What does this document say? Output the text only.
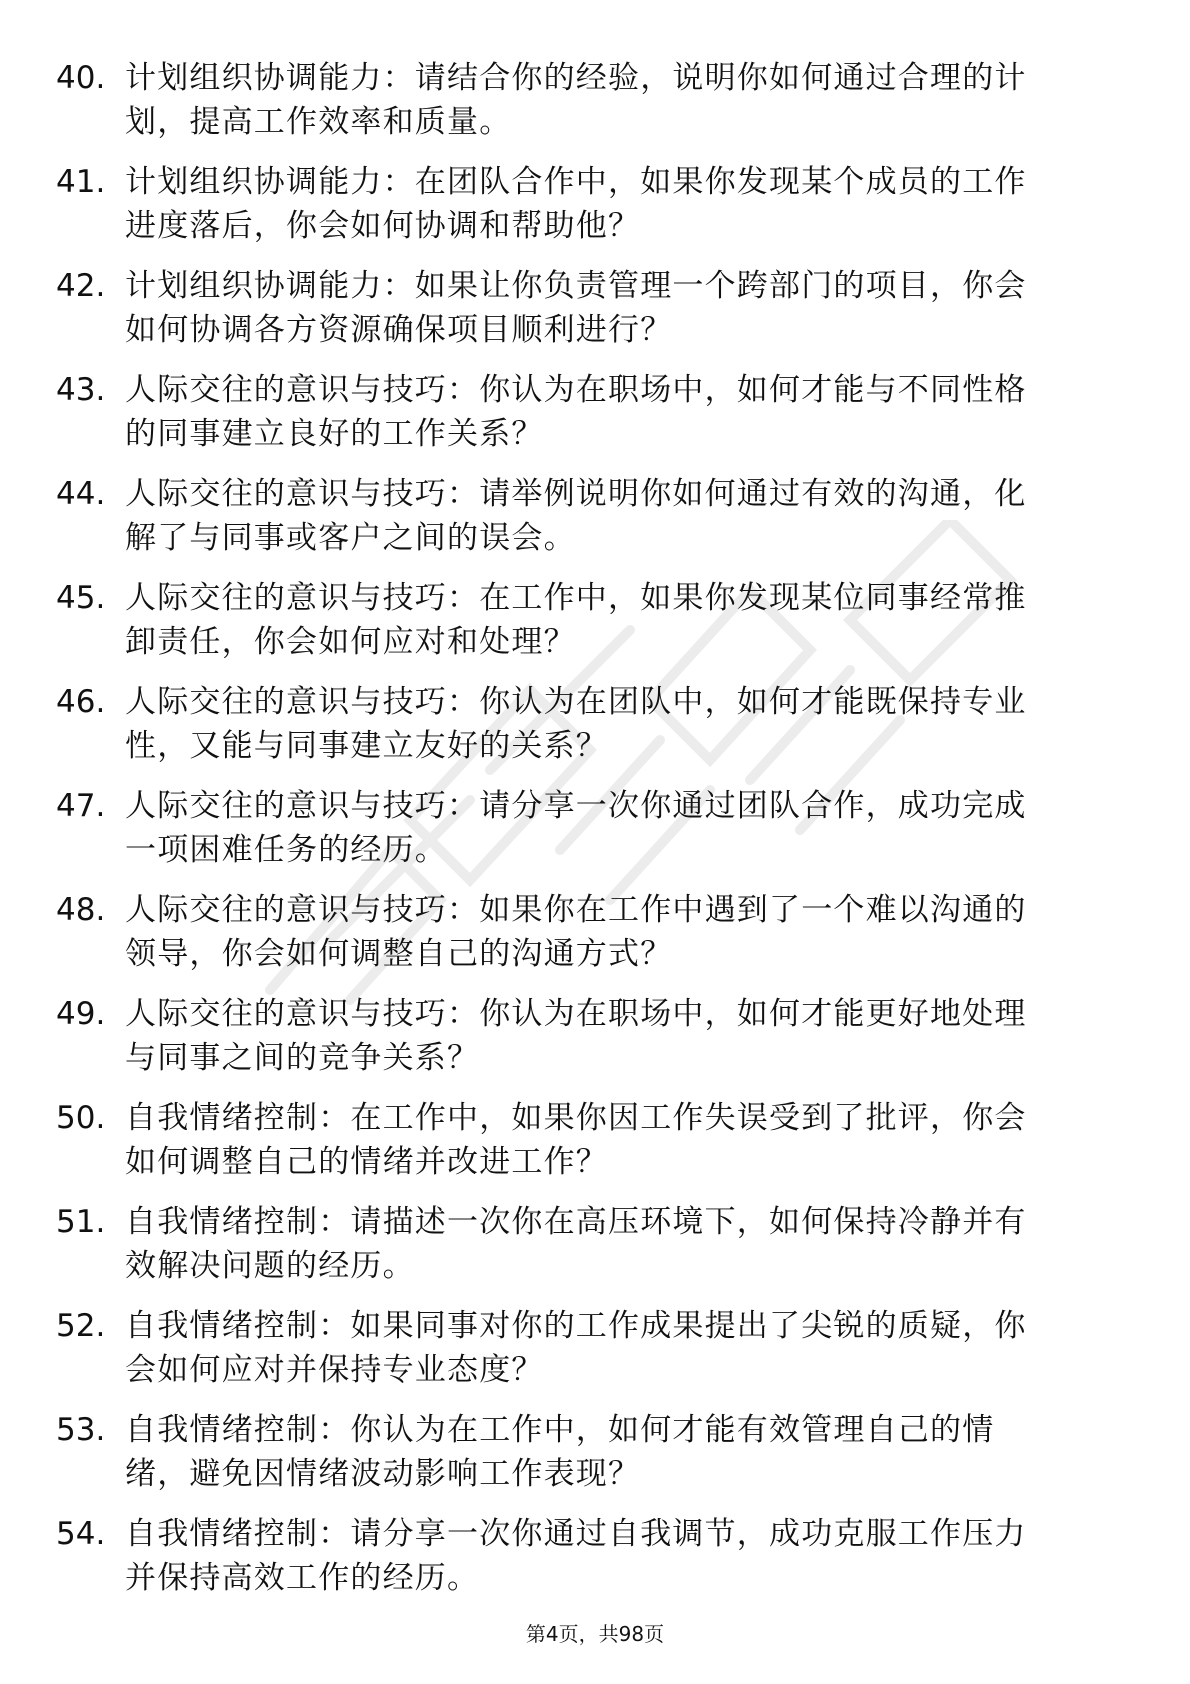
40. 计划组织协调能力：请结合你的经验，说明你如何通过合理的计
划，提高工作效率和质量。
41. 计划组织协调能力：在团队合作中，如果你发现某个成员的工作
进度落后，你会如何协调和帮助他？
42. 计划组织协调能力：如果让你负责管理一个跨部门的项目，你会
如何协调各方资源确保项目顺利进行？
43. 人际交往的意识与技巧：你认为在职场中，如何才能与不同性格
的同事建立良好的工作关系？
44. 人际交往的意识与技巧：请举例说明你如何通过有效的沟通，化
解了与同事或客户之间的误会。
45. 人际交往的意识与技巧：在工作中，如果你发现某位同事经常推
卸责任，你会如何应对和处理？
46. 人际交往的意识与技巧：你认为在团队中，如何才能既保持专业
性，又能与同事建立友好的关系？
47. 人际交往的意识与技巧：请分享一次你通过团队合作，成功完成
一项困难任务的经历。
48. 人际交往的意识与技巧：如果你在工作中遇到了一个难以沟通的
领导，你会如何调整自己的沟通方式？
49. 人际交往的意识与技巧：你认为在职场中，如何才能更好地处理
与同事之间的竞争关系？
50. 自我情绪控制：在工作中，如果你因工作失误受到了批评，你会
如何调整自己的情绪并改进工作？
51. 自我情绪控制：请描述一次你在高压环境下，如何保持冷静并有
效解决问题的经历。
52. 自我情绪控制：如果同事对你的工作成果提出了尖锐的质疑，你
会如何应对并保持专业态度？
53. 自我情绪控制：你认为在工作中，如何才能有效管理自己的情
绪，避免因情绪波动影响工作表现？
54. 自我情绪控制：请分享一次你通过自我调节，成功克服工作压力
并保持高效工作的经历。
第4页，共98页
